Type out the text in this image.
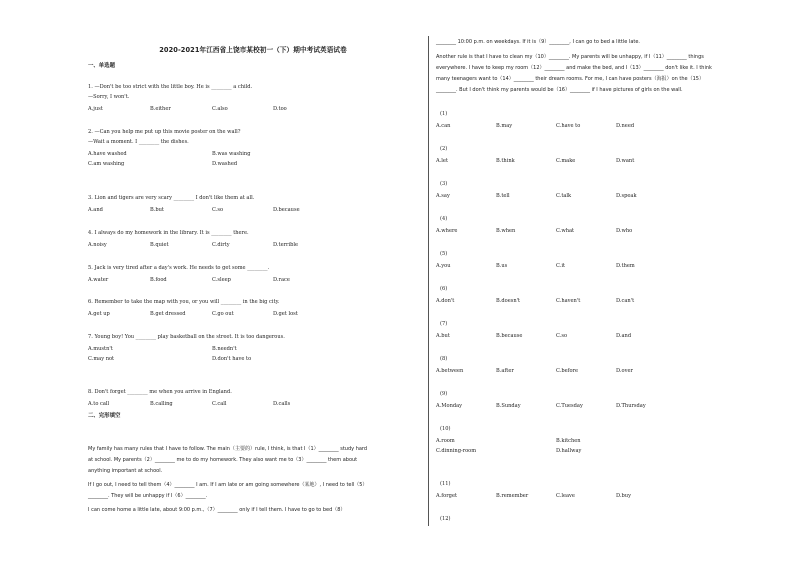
2020-2021年江西省上饶市某校初一（下）期中考试英语试卷
一、单选题
1. —Don't be too strict with the little boy. He is ________ a child.
—Sorry, I won't.
A.just	B.either	C.also	D.too
2. —Can you help me put up this movie poster on the wall?
—Wait a moment. I ________ the dishes.
A.have washed	B.was washing
C.am washing	D.washed
3. Lion and tigers are very scary ________ I don't like them at all.
A.and	B.but	C.so	D.because
4. I always do my homework in the library. It is ________ there.
A.noisy	B.quiet	C.dirty	D.terrible
5. Jack is very tired after a day's work. He needs to get some ________.
A.water	B.food	C.sleep	D.race
6. Remember to take the map with you, or you will ________ in the big city.
A.get up	B.get dressed	C.go out	D.get lost
7. Young boy! You ________ play basketball on the street. It is too dangerous.
A.mustn't	B.needn't
C.may not	D.don't have to
8. Don't forget ________ me when you arrive in England.
A.to call	B.calling	C.call	D.calls
二、完形填空
My family has many rules that I have to follow. The main（主要的）rule, I think, is that I（1）________ study hard
at school. My parents（2）________ me to do my homework. They also want me to（3）________ them about
anything important at school.
If I go out, I need to tell them（4）________ I am. If I am late or am going somewhere（某地）, I need to tell（5）
________. They will be unhappy if I（6）________.
I can come home a little late, about 9:00 p.m.,（7）________ only if I tell them. I have to go to bed（8）
________ 10:00 p.m. on weekdays. If it is（9）________, I can go to bed a little late.
Another rule is that I have to clean my（10）________. My parents will be unhappy, if I（11）________ things
everywhere. I have to keep my room（12）________ and make the bed, and I（13）________ don't like it. I think
many teenagers want to（14）________ their dream rooms. For me, I can have posters（海报）on the（15）
________. But I don't think my parents would be（16）________ if I have pictures of girls on the wall.
(1)
A.can	B.may	C.have to	D.need
(2)
A.let	B.think	C.make	D.want
(3)
A.say	B.tell	C.talk	D.speak
(4)
A.where	B.when	C.what	D.who
(5)
A.you	B.us	C.it	D.them
(6)
A.don't	B.doesn't	C.haven't	D.can't
(7)
A.but	B.because	C.so	D.and
(8)
A.between	B.after	C.before	D.over
(9)
A.Monday	B.Sunday	C.Tuesday	D.Thursday
(10)
A.room	B.kitchen
C.dinning-room	D.hallway
(11)
A.forget	B.remember	C.leave	D.buy
(12)
